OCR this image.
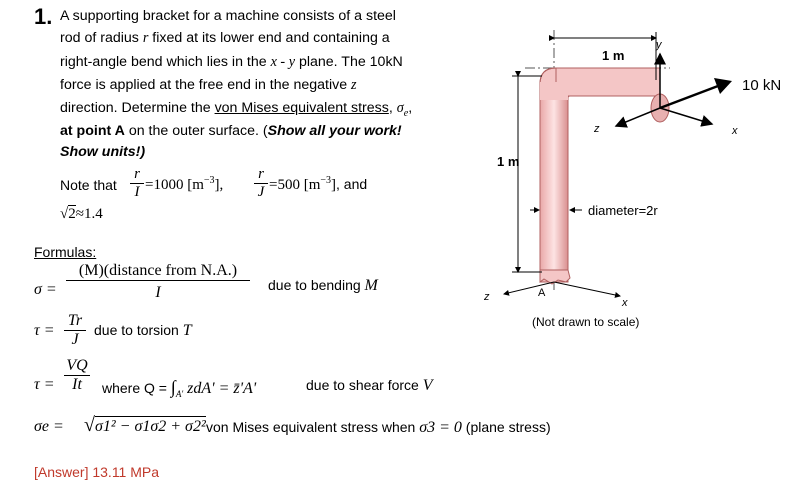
1. A supporting bracket for a machine consists of a steel
rod of radius r fixed at its lower end and containing a
right-angle bend which lies in the x - y plane. The 10kN
force is applied at the free end in the negative z
direction. Determine the von Mises equivalent stress, $\sigma_e$,
at point A on the outer surface. (Show all your work!
Show units!)
Note that $\frac{r}{I} =1000$ $[m^{-3}]$, $\frac{r}{J} =500$ $[m^{-3}]$, and
√2≈1.4
Formulas:
σ =
(M)(distance from N.A.)
I	due to bending M
$\tau = \frac{Tr}{J}$ due to torsion T
$\tau = \frac{VQ}{It}$ where $Q = \int_{A'}$ zdA' = z̄'A'	due to shear force V
σe = √σ1² − σ1σ2 + σ2² von Mises equivalent stress when σ3 = 0 (plane stress)
[Answer] 13.11 MPa
1 m
1 m
diameter=2r
y
z	x
10 kN
z	x
A
(Not drawn to scale)
